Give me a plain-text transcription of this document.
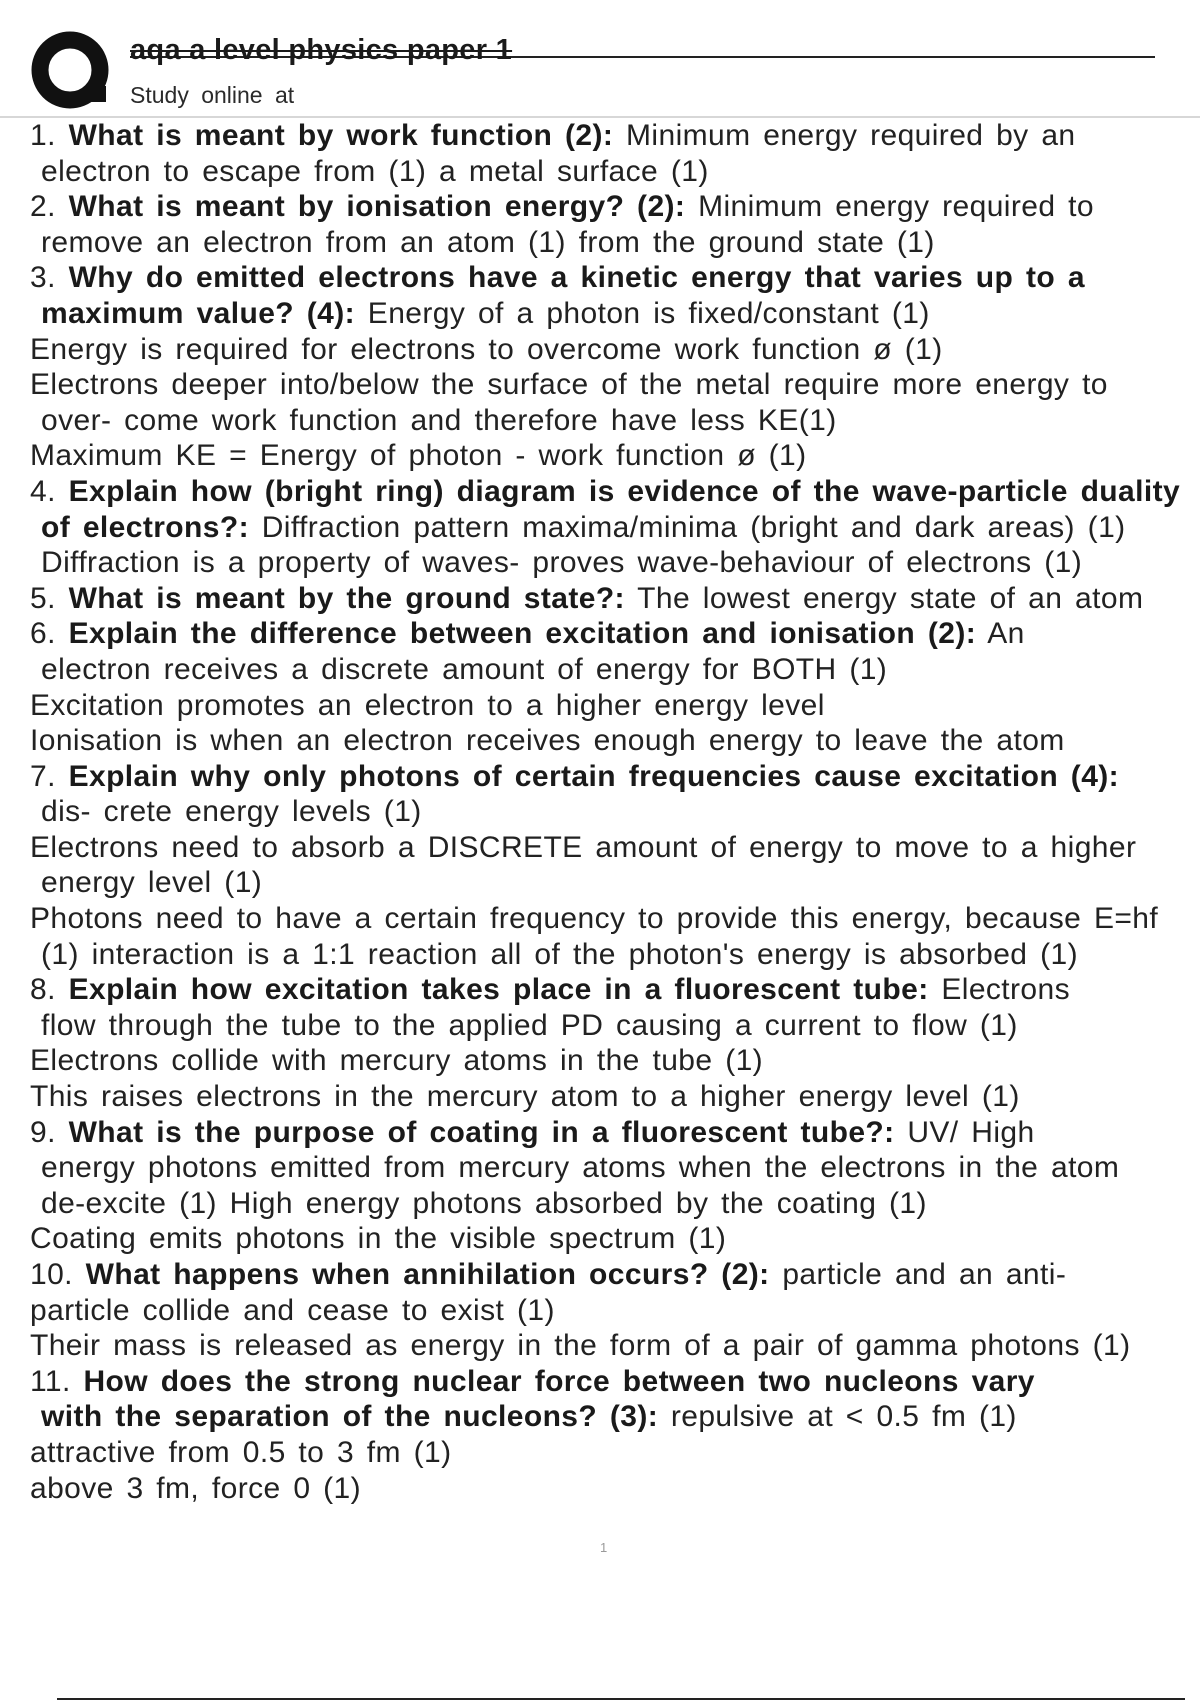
aqa a level physics paper 1
Study online at
1. What is meant by work function (2): Minimum energy required by an
electron to escape from (1) a metal surface (1)
2. What is meant by ionisation energy? (2): Minimum energy required to
remove an electron from an atom (1) from the ground state (1)
3. Why do emitted electrons have a kinetic energy that varies up to a
maximum value? (4): Energy of a photon is fixed/constant (1)
Energy is required for electrons to overcome work function ø (1)
Electrons deeper into/below the surface of the metal require more energy to
over- come work function and therefore have less KE(1)
Maximum KE = Energy of photon - work function ø (1)
4. Explain how (bright ring) diagram is evidence of the wave-particle duality
of electrons?: Diffraction pattern maxima/minima (bright and dark areas) (1)
Diffraction is a property of waves- proves wave-behaviour of electrons (1)
5. What is meant by the ground state?: The lowest energy state of an atom
6. Explain the difference between excitation and ionisation (2): An
electron receives a discrete amount of energy for BOTH (1)
Excitation promotes an electron to a higher energy level
Ionisation is when an electron receives enough energy to leave the atom
7. Explain why only photons of certain frequencies cause excitation (4):
dis- crete energy levels (1)
Electrons need to absorb a DISCRETE amount of energy to move to a higher
energy level (1)
Photons need to have a certain frequency to provide this energy, because E=hf
(1) interaction is a 1:1 reaction all of the photon's energy is absorbed (1)
8. Explain how excitation takes place in a fluorescent tube: Electrons
flow through the tube to the applied PD causing a current to flow (1)
Electrons collide with mercury atoms in the tube (1)
This raises electrons in the mercury atom to a higher energy level (1)
9. What is the purpose of coating in a fluorescent tube?: UV/ High
energy photons emitted from mercury atoms when the electrons in the atom
de-excite (1) High energy photons absorbed by the coating (1)
Coating emits photons in the visible spectrum (1)
10. What happens when annihilation occurs? (2): particle and an anti-
particle collide and cease to exist (1)
Their mass is released as energy in the form of a pair of gamma photons (1)
11. How does the strong nuclear force between two nucleons vary
with the separation of the nucleons? (3): repulsive at < 0.5 fm (1)
attractive from 0.5 to 3 fm (1)
above 3 fm, force 0 (1)
1
